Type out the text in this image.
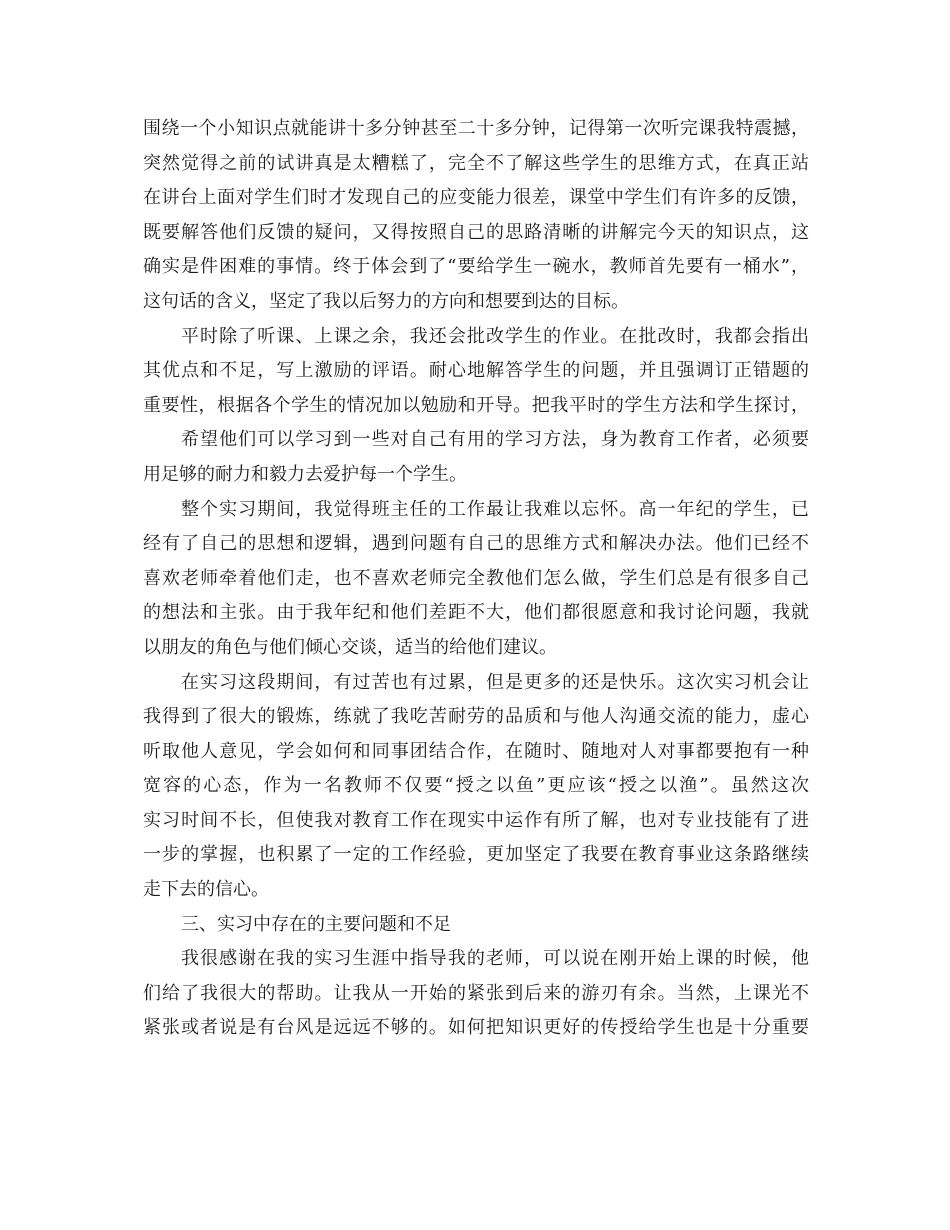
围绕一个小知识点就能讲十多分钟甚至二十多分钟，记得第一次听完课我特震撼，
突然觉得之前的试讲真是太糟糕了，完全不了解这些学生的思维方式，在真正站
在讲台上面对学生们时才发现自己的应变能力很差，课堂中学生们有许多的反馈，
既要解答他们反馈的疑问，又得按照自己的思路清晰的讲解完今天的知识点，这
确实是件困难的事情。终于体会到了“要给学生一碗水，教师首先要有一桶水”，
这句话的含义，坚定了我以后努力的方向和想要到达的目标。
平时除了听课、上课之余，我还会批改学生的作业。在批改时，我都会指出
其优点和不足，写上激励的评语。耐心地解答学生的问题，并且强调订正错题的
重要性，根据各个学生的情况加以勉励和开导。把我平时的学生方法和学生探讨，
希望他们可以学习到一些对自己有用的学习方法，身为教育工作者，必须要
用足够的耐力和毅力去爱护每一个学生。
整个实习期间，我觉得班主任的工作最让我难以忘怀。高一年纪的学生，已
经有了自己的思想和逻辑，遇到问题有自己的思维方式和解决办法。他们已经不
喜欢老师牵着他们走，也不喜欢老师完全教他们怎么做，学生们总是有很多自己
的想法和主张。由于我年纪和他们差距不大，他们都很愿意和我讨论问题，我就
以朋友的角色与他们倾心交谈，适当的给他们建议。
在实习这段期间，有过苦也有过累，但是更多的还是快乐。这次实习机会让
我得到了很大的锻炼，练就了我吃苦耐劳的品质和与他人沟通交流的能力，虚心
听取他人意见，学会如何和同事团结合作，在随时、随地对人对事都要抱有一种
宽容的心态，作为一名教师不仅要“授之以鱼”更应该“授之以渔”。虽然这次
实习时间不长，但使我对教育工作在现实中运作有所了解，也对专业技能有了进
一步的掌握，也积累了一定的工作经验，更加坚定了我要在教育事业这条路继续
走下去的信心。
三、实习中存在的主要问题和不足
我很感谢在我的实习生涯中指导我的老师，可以说在刚开始上课的时候，他
们给了我很大的帮助。让我从一开始的紧张到后来的游刃有余。当然，上课光不
紧张或者说是有台风是远远不够的。如何把知识更好的传授给学生也是十分重要
